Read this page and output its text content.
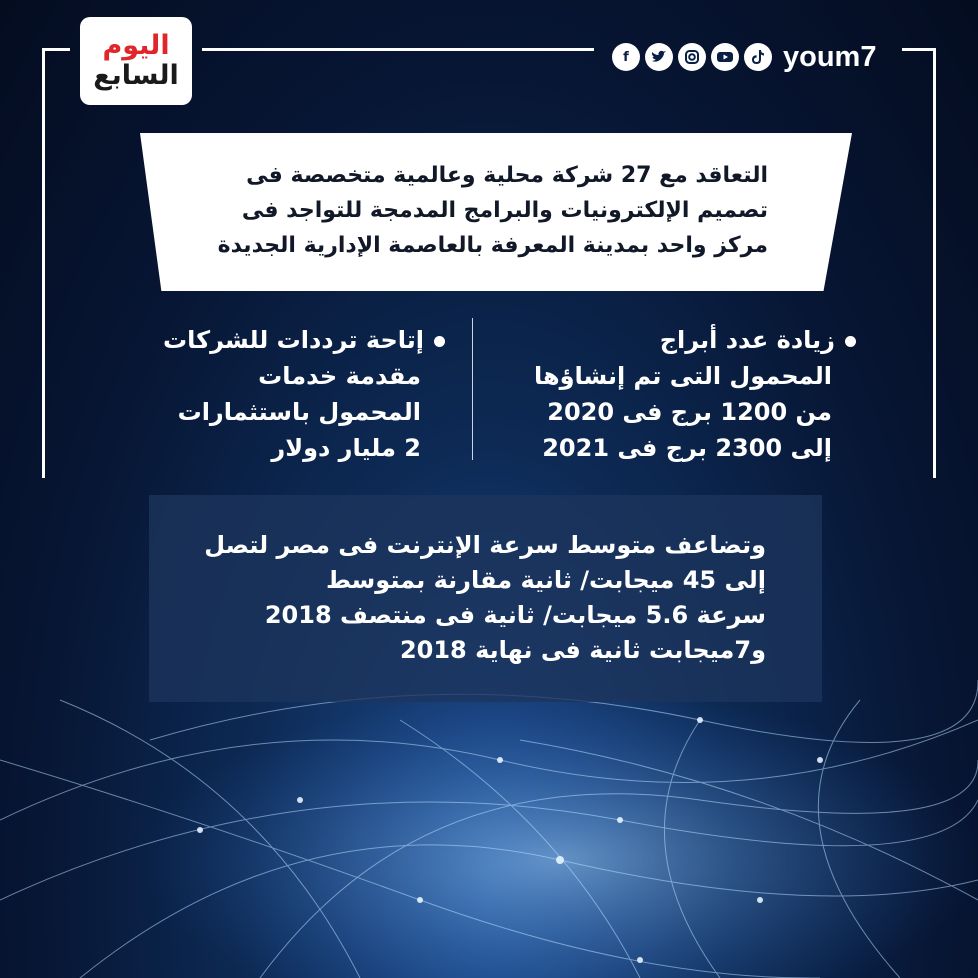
اليوم
السابع
f	youm7
التعاقد مع 27 شركة محلية وعالمية متخصصة فى
تصميم الإلكترونيات والبرامج المدمجة للتواجد فى
مركز واحد بمدينة المعرفة بالعاصمة الإدارية الجديدة
زيادة عدد أبراج
المحمول التى تم إنشاؤها
من 1200 برج فى 2020
إلى 2300 برج فى 2021
إتاحة ترددات للشركات
مقدمة خدمات
المحمول باستثمارات
2 مليار دولار
وتضاعف متوسط سرعة الإنترنت فى مصر لتصل
إلى 45 ميجابت/ ثانية مقارنة بمتوسط
سرعة 5.6 ميجابت/ ثانية فى منتصف 2018
و7ميجابت ثانية فى نهاية 2018
